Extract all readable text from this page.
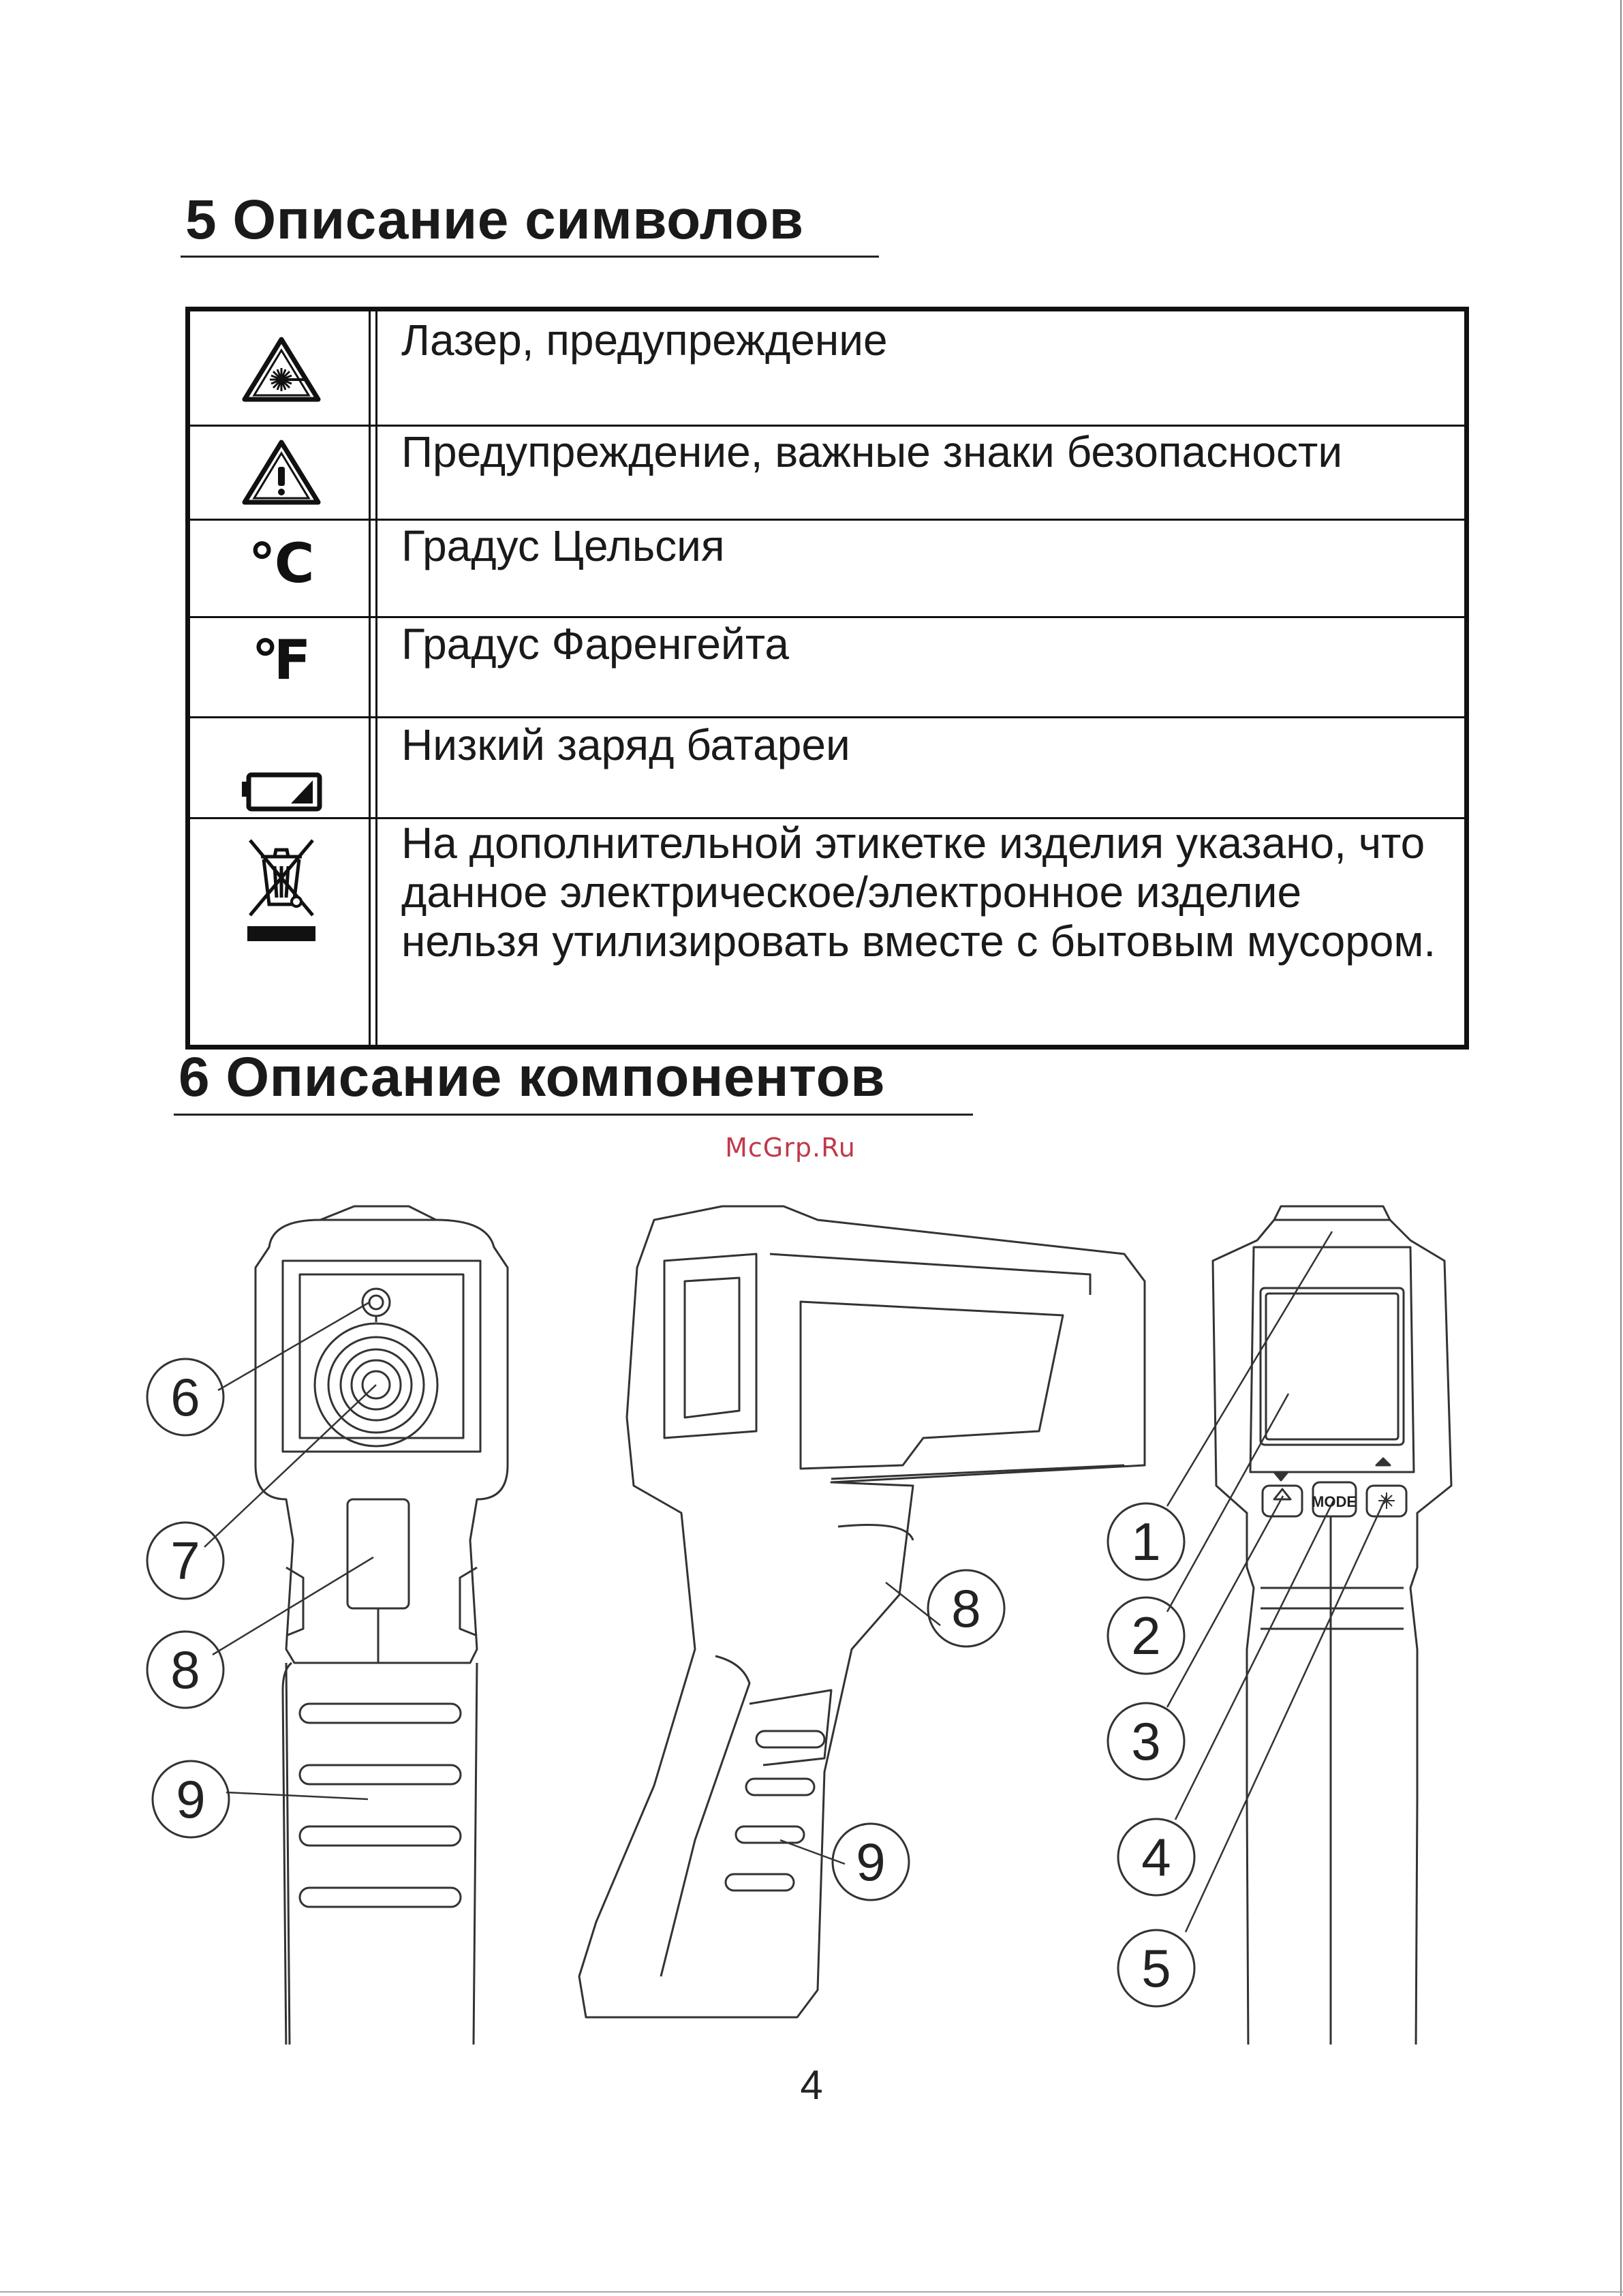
5 Описание символов
Лазер, предупреждение
Предупреждение, важные знаки безопасности
℃ Градус Цельсия
℉ Градус Фаренгейта
Низкий заряд батареи
На дополнительной этикетке изделия указано, что данное электрическое/электронное изделие нельзя утилизировать вместе с бытовым мусором.
6 Описание компонентов
McGrp.Ru
6
7
8
9
8
9
1
2
3
4
5
MODE
4
